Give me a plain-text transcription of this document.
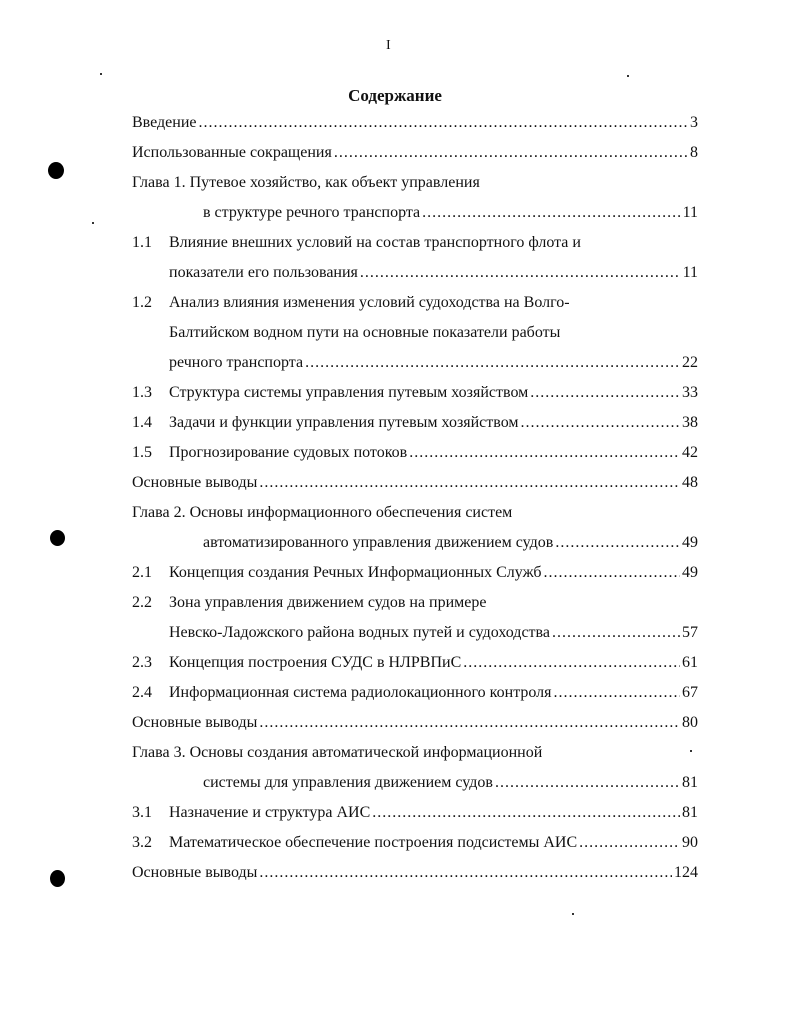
I
Содержание
Введение .....	3
Использованные сокращения .....	8
Глава 1. Путевое хозяйство, как объект управления
в структуре речного транспорта .....	11
1.1	Влияние внешних условий на состав транспортного флота и
показатели его пользования .....	11
1.2	Анализ влияния изменения условий судоходства на Волго-
Балтийском водном пути на основные показатели работы
речного транспорта .....	22
1.3	Структура системы управления путевым хозяйством .....	33
1.4	Задачи и функции управления путевым хозяйством .....	38
1.5	Прогнозирование судовых потоков .....	42
Основные выводы .....	48
Глава 2. Основы информационного обеспечения систем
автоматизированного управления движением судов .....	49
2.1	Концепция создания Речных Информационных Служб .....	49
2.2	Зона управления движением судов на примере
Невско-Ладожского района водных путей и судоходства .....	57
2.3	Концепция построения СУДС в НЛРВПиС .....	61
2.4	Информационная система радиолокационного контроля .....	67
Основные выводы .....	80
Глава 3. Основы создания автоматической информационной
системы для управления движением судов .....	81
3.1	Назначение и структура АИС .....	81
3.2	Математическое обеспечение построения подсистемы АИС .....	90
Основные выводы .....	124
